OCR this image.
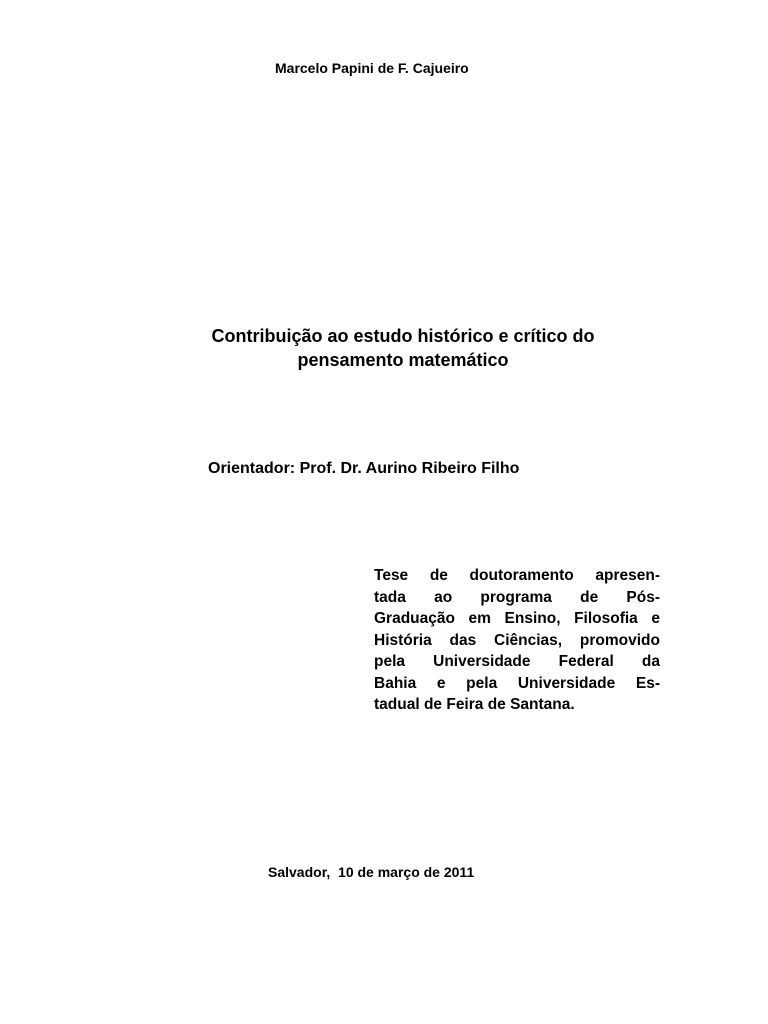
Marcelo Papini de F. Cajueiro
Contribuição ao estudo histórico e crítico do
pensamento matemático
Orientador: Prof. Dr. Aurino Ribeiro Filho
Tese de doutoramento apresen-
tada ao programa de Pós-
Graduação em Ensino, Filosofia e
História das Ciências, promovido
pela Universidade Federal da
Bahia e pela Universidade Es-
tadual de Feira de Santana.
Salvador,  10 de março de 2011
